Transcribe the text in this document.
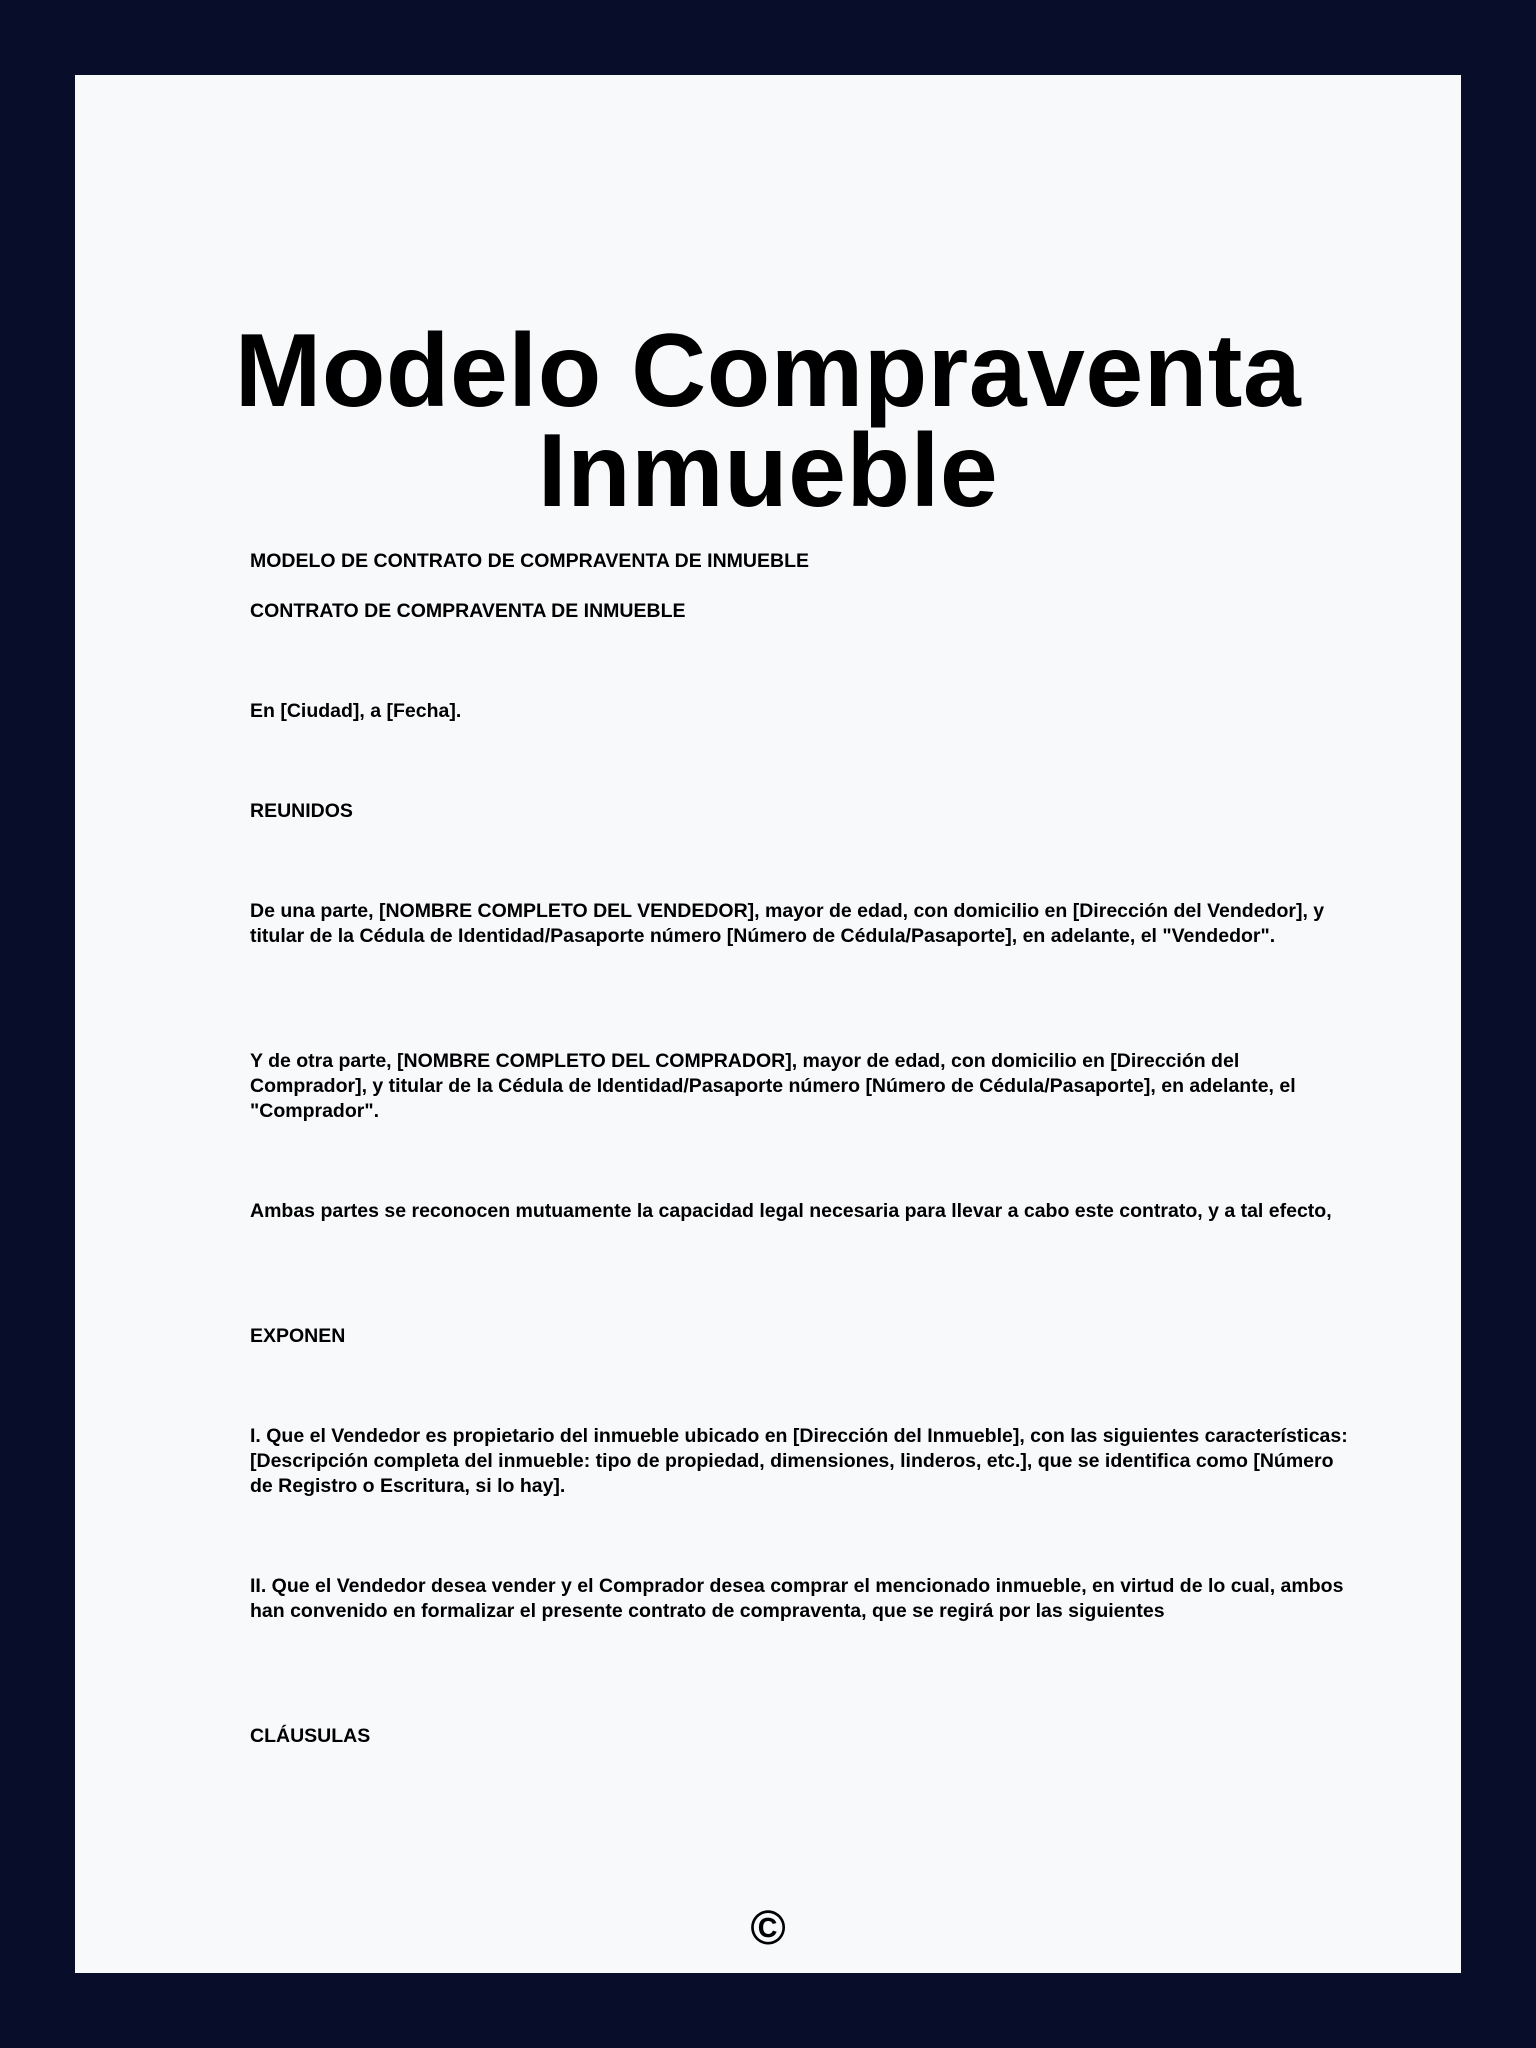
Modelo Compraventa
Inmueble

MODELO DE CONTRATO DE COMPRAVENTA DE INMUEBLE

CONTRATO DE COMPRAVENTA DE INMUEBLE

En [Ciudad], a [Fecha].

REUNIDOS

De una parte, [NOMBRE COMPLETO DEL VENDEDOR], mayor de edad, con domicilio en [Dirección del Vendedor], y titular de la Cédula de Identidad/Pasaporte número [Número de Cédula/Pasaporte], en adelante, el "Vendedor".

Y de otra parte, [NOMBRE COMPLETO DEL COMPRADOR], mayor de edad, con domicilio en [Dirección del Comprador], y titular de la Cédula de Identidad/Pasaporte número [Número de Cédula/Pasaporte], en adelante, el "Comprador".

Ambas partes se reconocen mutuamente la capacidad legal necesaria para llevar a cabo este contrato, y a tal efecto,

EXPONEN

I. Que el Vendedor es propietario del inmueble ubicado en [Dirección del Inmueble], con las siguientes características: [Descripción completa del inmueble: tipo de propiedad, dimensiones, linderos, etc.], que se identifica como [Número de Registro o Escritura, si lo hay].

II. Que el Vendedor desea vender y el Comprador desea comprar el mencionado inmueble, en virtud de lo cual, ambos han convenido en formalizar el presente contrato de compraventa, que se regirá por las siguientes

CLÁUSULAS

©
